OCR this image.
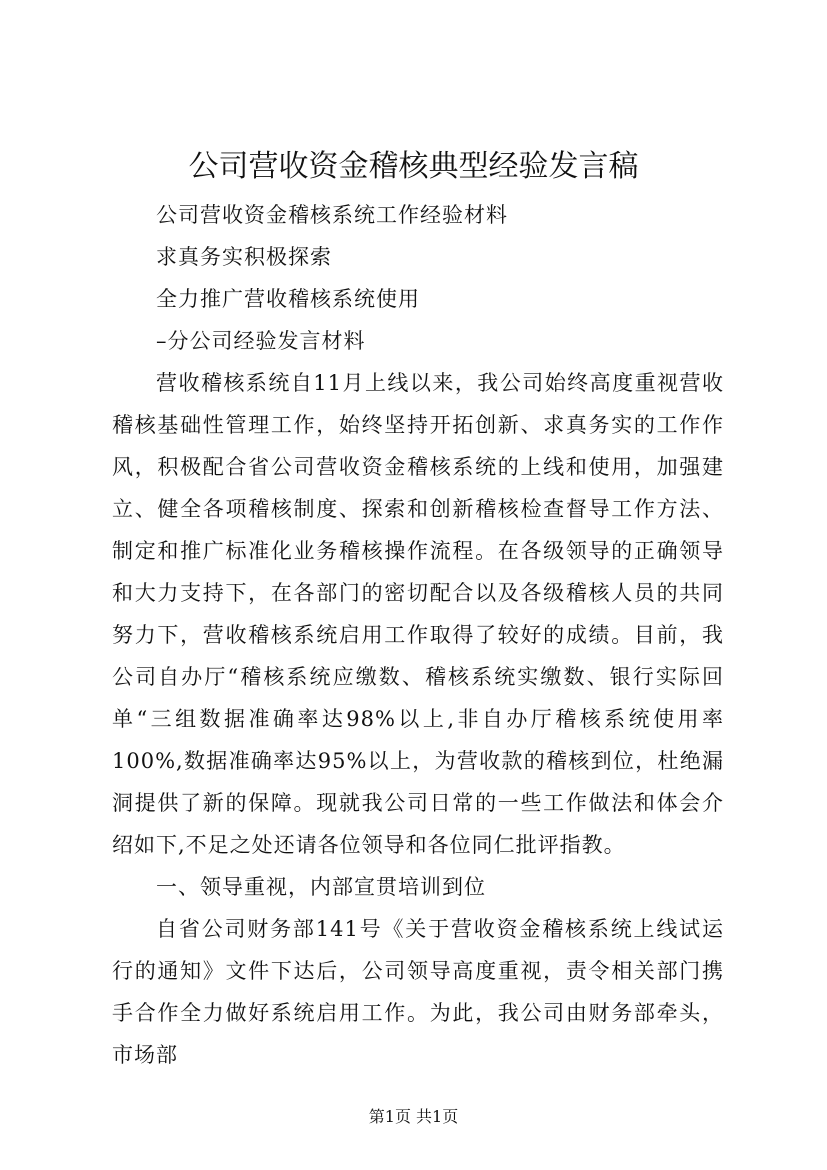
公司营收资金稽核典型经验发言稿

公司营收资金稽核系统工作经验材料

求真务实积极探索

全力推广营收稽核系统使用

–分公司经验发言材料

营收稽核系统自11月上线以来，我公司始终高度重视营收稽核基础性管理工作，始终坚持开拓创新、求真务实的工作作风，积极配合省公司营收资金稽核系统的上线和使用，加强建立、健全各项稽核制度、探索和创新稽核检查督导工作方法、制定和推广标准化业务稽核操作流程。在各级领导的正确领导和大力支持下，在各部门的密切配合以及各级稽核人员的共同努力下，营收稽核系统启用工作取得了较好的成绩。目前，我公司自办厅“稽核系统应缴数、稽核系统实缴数、银行实际回单“三组数据准确率达98%以上,非自办厅稽核系统使用率100%,数据准确率达95%以上，为营收款的稽核到位，杜绝漏洞提供了新的保障。现就我公司日常的一些工作做法和体会介绍如下,不足之处还请各位领导和各位同仁批评指教。

一、领导重视，内部宣贯培训到位

自省公司财务部141号《关于营收资金稽核系统上线试运行的通知》文件下达后，公司领导高度重视，责令相关部门携手合作全力做好系统启用工作。为此，我公司由财务部牵头，市场部

第1页 共1页
